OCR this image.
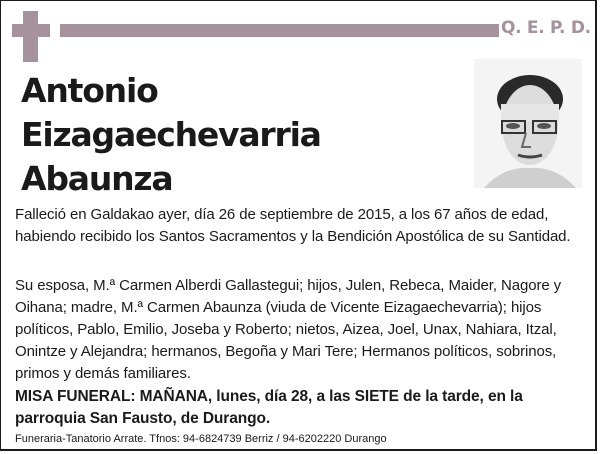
Q. E. P. D.
Antonio Eizagaechevarria
Abaunza
Falleció en Galdakao ayer, día 26 de septiembre de 2015, a los 67 años de edad, habiendo recibido los Santos Sacramentos y la Bendición Apostólica de su Santidad.
Su esposa, M.ª Carmen Alberdi Gallastegui; hijos, Julen, Rebeca, Maider, Nagore y Oihana; madre, M.ª Carmen Abaunza (viuda de Vicente Eizagaechevarria); hijos políticos, Pablo, Emilio, Joseba y Roberto; nietos, Aizea, Joel, Unax, Nahiara, Itzal, Onintze y Alejandra; hermanos, Begoña y Mari Tere; Hermanos políticos, sobrinos, primos y demás familiares.
MISA FUNERAL: MAÑANA, lunes, día 28, a las SIETE de la tarde, en la parroquia San Fausto, de Durango.
Funeraria-Tanatorio Arrate. Tfnos: 94-6824739 Berriz / 94-6202220 Durango
